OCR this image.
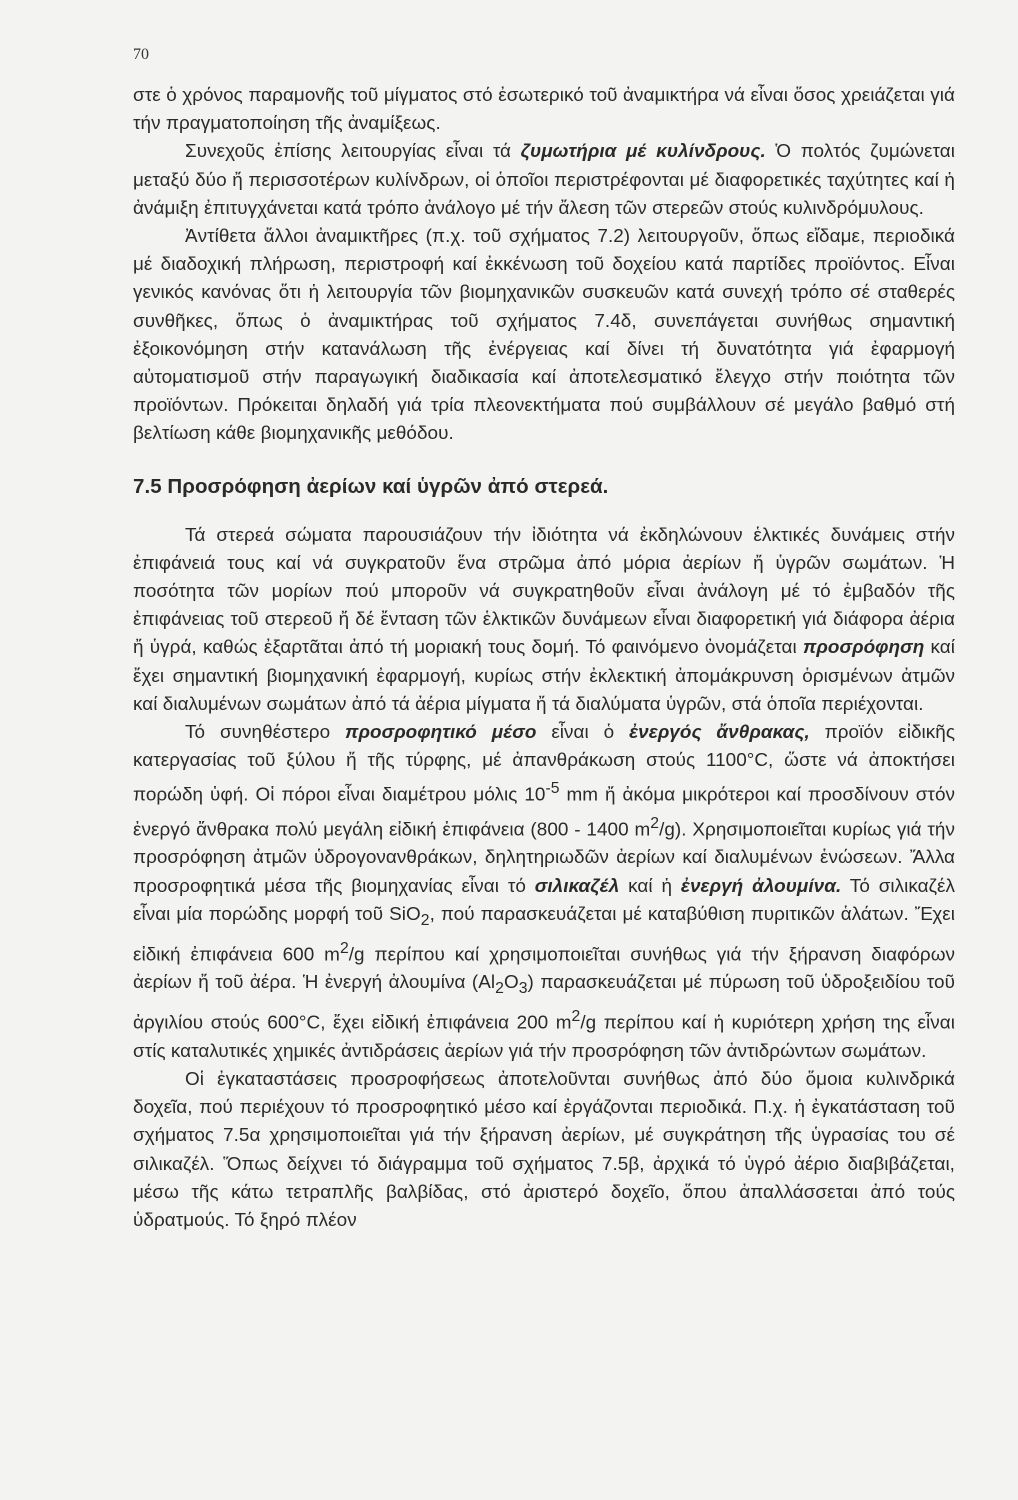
70

στε ὁ χρόνος παραμονῆς τοῦ μίγματος στό ἐσωτερικό τοῦ ἀναμικτήρα νά εἶναι ὅσος χρειάζεται γιά τήν πραγματοποίηση τῆς ἀναμίξεως.

Συνεχοῦς ἐπίσης λειτουργίας εἶναι τά ζυμωτήρια μέ κυλίνδρους. Ὁ πολτός ζυμώνεται μεταξύ δύο ἤ περισσοτέρων κυλίνδρων, οἱ ὁποῖοι περιστρέφονται μέ διαφορετικές ταχύτητες καί ἡ ἀνάμιξη ἐπιτυγχάνεται κατά τρόπο ἀνάλογο μέ τήν ἄλεση τῶν στερεῶν στούς κυλινδρόμυλους.

Ἀντίθετα ἄλλοι ἀναμικτῆρες (π.χ. τοῦ σχήματος 7.2) λειτουργοῦν, ὅπως εἴδαμε, περιοδικά μέ διαδοχική πλήρωση, περιστροφή καί ἐκκένωση τοῦ δοχείου κατά παρτίδες προϊόντος. Εἶναι γενικός κανόνας ὅτι ἡ λειτουργία τῶν βιομηχανικῶν συσκευῶν κατά συνεχή τρόπο σέ σταθερές συνθῆκες, ὅπως ὁ ἀναμικτήρας τοῦ σχήματος 7.4δ, συνεπάγεται συνήθως σημαντική ἐξοικονόμηση στήν κατανάλωση τῆς ἐνέργειας καί δίνει τή δυνατότητα γιά ἐφαρμογή αὐτοματισμοῦ στήν παραγωγική διαδικασία καί ἀποτελεσματικό ἔλεγχο στήν ποιότητα τῶν προϊόντων. Πρόκειται δηλαδή γιά τρία πλεονεκτήματα πού συμβάλλουν σέ μεγάλο βαθμό στή βελτίωση κάθε βιομηχανικῆς μεθόδου.

7.5 Προσρόφηση ἀερίων καί ὑγρῶν ἀπό στερεά.

Τά στερεά σώματα παρουσιάζουν τήν ἰδιότητα νά ἐκδηλώνουν ἑλκτικές δυνάμεις στήν ἐπιφάνειά τους καί νά συγκρατοῦν ἕνα στρῶμα ἀπό μόρια ἀερίων ἤ ὑγρῶν σωμάτων. Ἡ ποσότητα τῶν μορίων πού μποροῦν νά συγκρατηθοῦν εἶναι ἀνάλογη μέ τό ἐμβαδόν τῆς ἐπιφάνειας τοῦ στερεοῦ ἤ δέ ἔνταση τῶν ἑλκτικῶν δυνάμεων εἶναι διαφορετική γιά διάφορα ἀέρια ἤ ὑγρά, καθώς ἐξαρτᾶται ἀπό τή μοριακή τους δομή. Τό φαινόμενο ὀνομάζεται προσρόφηση καί ἔχει σημαντική βιομηχανική ἐφαρμογή, κυρίως στήν ἐκλεκτική ἀπομάκρυνση ὁρισμένων ἀτμῶν καί διαλυμένων σωμάτων ἀπό τά ἀέρια μίγματα ἤ τά διαλύματα ὑγρῶν, στά ὁποῖα περιέχονται.

Τό συνηθέστερο προσροφητικό μέσο εἶναι ὁ ἐνεργός ἄνθρακας, προϊόν εἰδικῆς κατεργασίας τοῦ ξύλου ἤ τῆς τύρφης, μέ ἀπανθράκωση στούς 1100°C, ὥστε νά ἀποκτήσει πορώδη ὑφή. Οἱ πόροι εἶναι διαμέτρου μόλις $10^{-5}$ mm ἤ ἀκόμα μικρότεροι καί προσδίνουν στόν ἐνεργό ἄνθρακα πολύ μεγάλη εἰδική ἐπιφάνεια (800 - 1400 $m^2/g$). Χρησιμοποιεῖται κυρίως γιά τήν προσρόφηση ἀτμῶν ὑδρογονανθράκων, δηλητηριωδῶν ἀερίων καί διαλυμένων ἑνώσεων. Ἄλλα προσροφητικά μέσα τῆς βιομηχανίας εἶναι τό σιλικαζέλ καί ἡ ἐνεργή ἀλουμίνα. Τό σιλικαζέλ εἶναι μία πορώδης μορφή τοῦ SiO$_2$, πού παρασκευάζεται μέ καταβύθιση πυριτικῶν ἁλάτων. Ἔχει εἰδική ἐπιφάνεια 600 $m^2/g$ περίπου καί χρησιμοποιεῖται συνήθως γιά τήν ξήρανση διαφόρων ἀερίων ἤ τοῦ ἀέρα. Ἡ ἐνεργή ἀλουμίνα $(Al_2O_3)$ παρασκευάζεται μέ πύρωση τοῦ ὑδροξειδίου τοῦ ἀργιλίου στούς 600°C, ἔχει εἰδική ἐπιφάνεια 200 $m^2/g$ περίπου καί ἡ κυριότερη χρήση της εἶναι στίς καταλυτικές χημικές ἀντιδράσεις ἀερίων γιά τήν προσρόφηση τῶν ἀντιδρώντων σωμάτων.

Οἱ ἐγκαταστάσεις προσροφήσεως ἀποτελοῦνται συνήθως ἀπό δύο ὅμοια κυλινδρικά δοχεῖα, πού περιέχουν τό προσροφητικό μέσο καί ἐργάζονται περιοδικά. Π.χ. ἡ ἐγκατάσταση τοῦ σχήματος 7.5α χρησιμοποιεῖται γιά τήν ξήρανση ἀερίων, μέ συγκράτηση τῆς ὑγρασίας του σέ σιλικαζέλ. Ὅπως δείχνει τό διάγραμμα τοῦ σχήματος 7.5β, ἀρχικά τό ὑγρό ἀέριο διαβιβάζεται, μέσω τῆς κάτω τετραπλῆς βαλβίδας, στό ἀριστερό δοχεῖο, ὅπου ἀπαλλάσσεται ἀπό τούς ὑδρατμούς. Τό ξηρό πλέον
